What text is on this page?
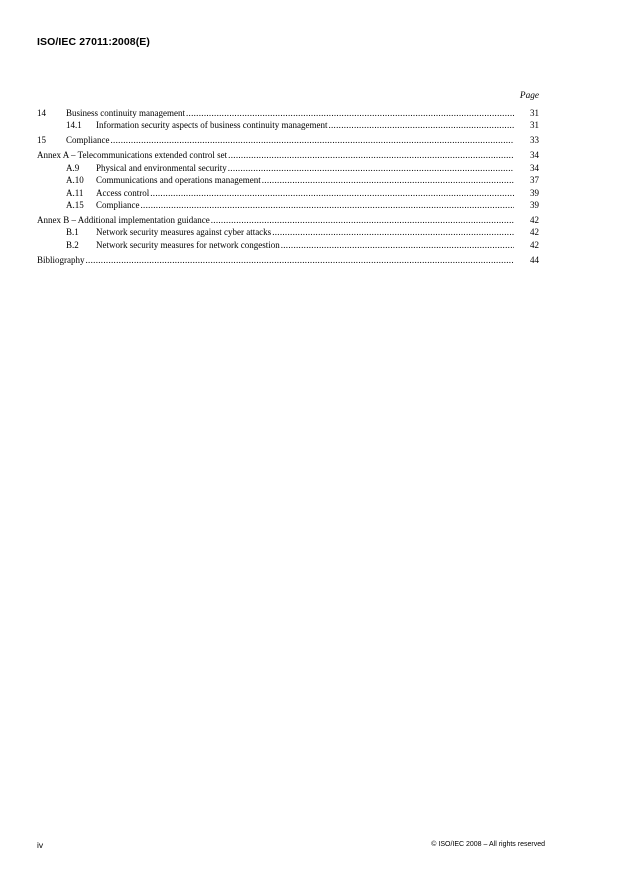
ISO/IEC 27011:2008(E)
Page
14	Business continuity management .....	31
14.1	Information security aspects of business continuity management .....	31
15	Compliance .....	33
Annex A – Telecommunications extended control set .....	34
A.9	Physical and environmental security .....	34
A.10	Communications and operations management .....	37
A.11	Access control .....	39
A.15	Compliance .....	39
Annex B – Additional implementation guidance .....	42
B.1	Network security measures against cyber attacks .....	42
B.2	Network security measures for network congestion .....	42
Bibliography .....	44
iv	© ISO/IEC 2008 – All rights reserved
